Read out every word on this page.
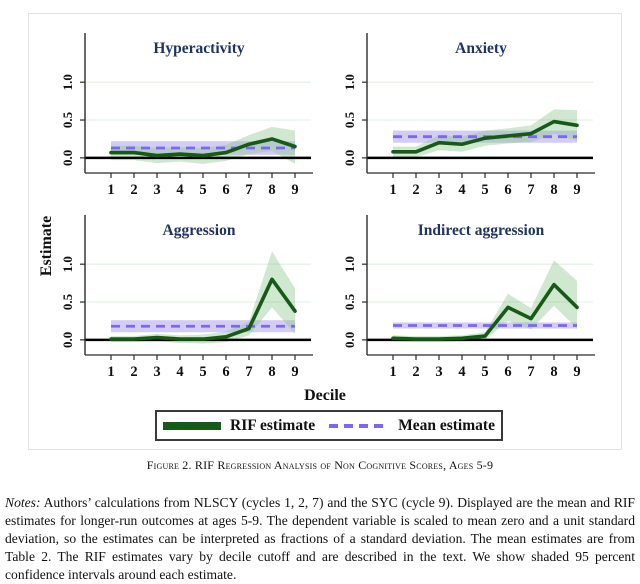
Estimate
0.0
0.5
1.0
1 2 3 4 5 6 7 8 9
Hyperactivity
0.0
0.5
1.0
1 2 3 4 5 6 7 8 9
Anxiety
0.0
0.5
1.0
1 2 3 4 5 6 7 8 9
Aggression
0.0
0.5
1.0
1 2 3 4 5 6 7 8 9
Indirect aggression
Decile
RIF estimate	Mean estimate
Figure 2. RIF Regression Analysis of Non Cognitive Scores, Ages 5-9
Notes: Authors’ calculations from NLSCY (cycles 1, 2, 7) and the SYC (cycle 9). Displayed are the mean and RIF estimates for longer-run outcomes at ages 5-9. The dependent variable is scaled to mean zero and a unit standard deviation, so the estimates can be interpreted as fractions of a standard deviation. The mean estimates are from Table 2. The RIF estimates vary by decile cutoff and are described in the text. We show shaded 95 percent confidence intervals around each estimate.
